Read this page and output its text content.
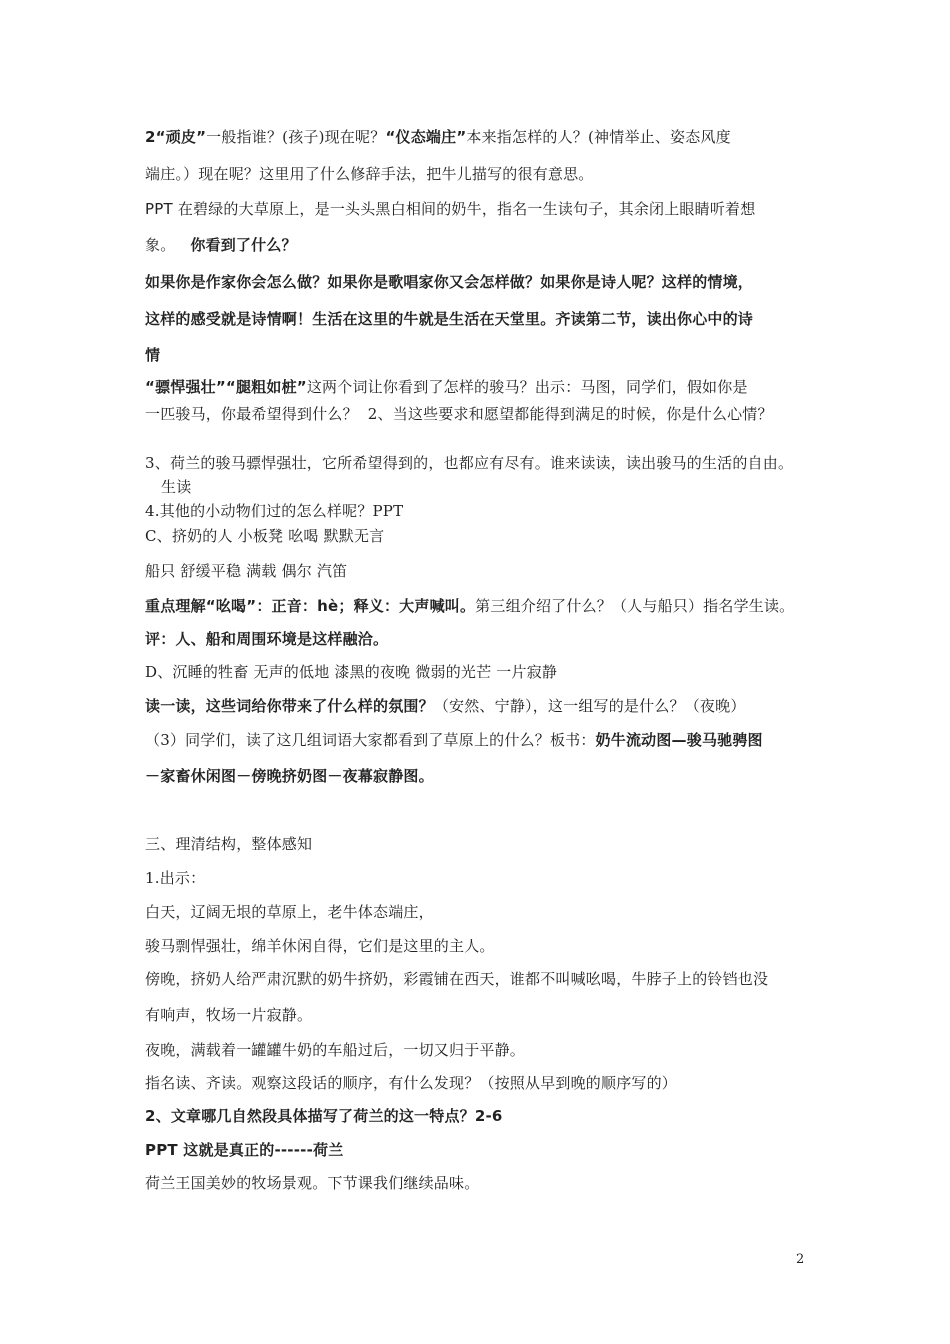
2“顽皮”一般指谁？(孩子)现在呢？“仪态端庄”本来指怎样的人？(神情举止、姿态风度
端庄。）现在呢？这里用了什么修辞手法，把牛儿描写的很有意思。
PPT 在碧绿的大草原上，是一头头黑白相间的奶牛，指名一生读句子，其余闭上眼睛听着想
象。 你看到了什么？
如果你是作家你会怎么做？如果你是歌唱家你又会怎样做？如果你是诗人呢？这样的情境，
这样的感受就是诗情啊！生活在这里的牛就是生活在天堂里。齐读第二节，读出你心中的诗
情
“骠悍强壮”“腿粗如桩”这两个词让你看到了怎样的骏马？出示：马图，同学们，假如你是
一匹骏马，你最希望得到什么？ 2、当这些要求和愿望都能得到满足的时候，你是什么心情？
3、荷兰的骏马骠悍强壮，它所希望得到的，也都应有尽有。谁来读读，读出骏马的生活的自由。
生读
4.其他的小动物们过的怎么样呢？PPT
C、挤奶的人 小板凳 吆喝 默默无言
船只 舒缓平稳 满载 偶尔 汽笛
重点理解“吆喝”：正音：hè；释义：大声喊叫。第三组介绍了什么？（人与船只）指名学生读。
评：人、船和周围环境是这样融洽。
D、沉睡的牲畜 无声的低地 漆黑的夜晚 微弱的光芒 一片寂静
读一读，这些词给你带来了什么样的氛围？（安然、宁静），这一组写的是什么？（夜晚）
（3）同学们，读了这几组词语大家都看到了草原上的什么？板书：奶牛流动图—骏马驰骋图
－家畜休闲图－傍晚挤奶图－夜幕寂静图。
三、理清结构，整体感知
1.出示：
白天，辽阔无垠的草原上，老牛体态端庄，
骏马剽悍强壮，绵羊休闲自得，它们是这里的主人。
傍晚，挤奶人给严肃沉默的奶牛挤奶，彩霞铺在西天，谁都不叫喊吆喝，牛脖子上的铃铛也没
有响声，牧场一片寂静。
夜晚，满载着一罐罐牛奶的车船过后，一切又归于平静。
指名读、齐读。观察这段话的顺序，有什么发现？（按照从早到晚的顺序写的）
2、文章哪几自然段具体描写了荷兰的这一特点？2-6
PPT 这就是真正的------荷兰
荷兰王国美妙的牧场景观。下节课我们继续品味。
2
